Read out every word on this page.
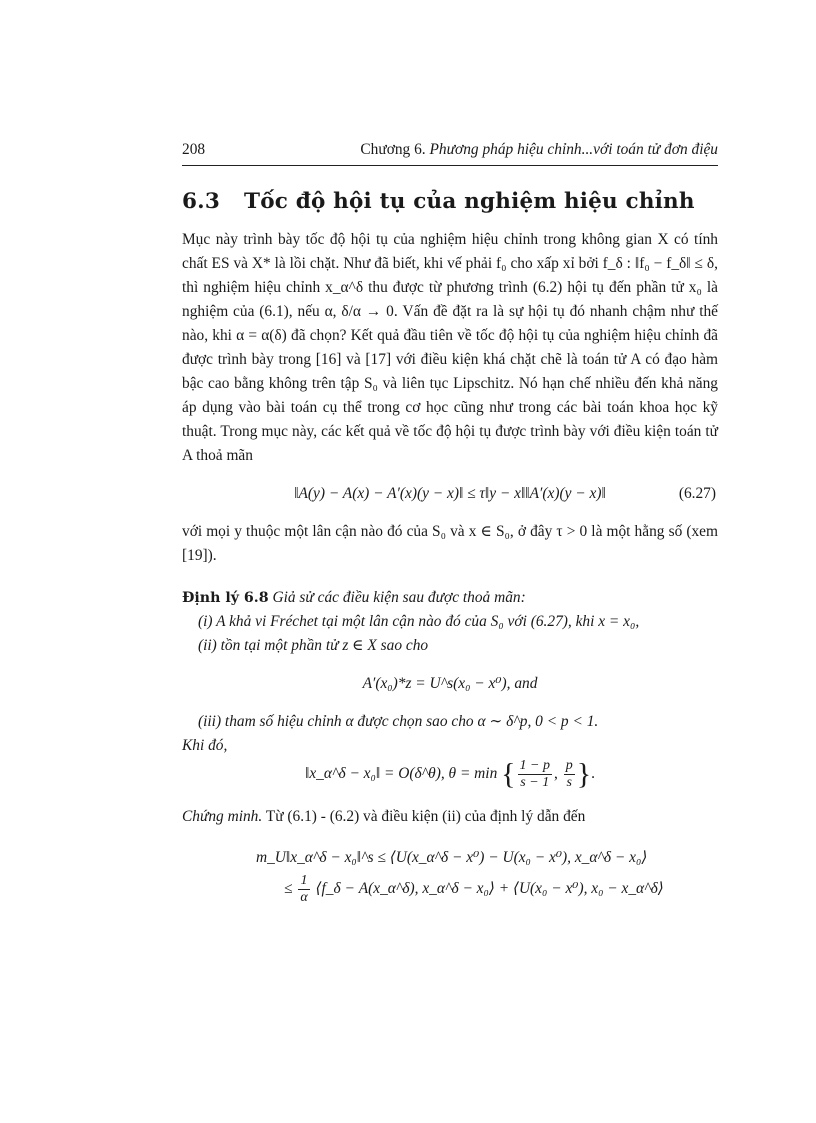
208	Chương 6. Phương pháp hiệu chỉnh...với toán tử đơn điệu
6.3 Tốc độ hội tụ của nghiệm hiệu chỉnh

Mục này trình bày tốc độ hội tụ của nghiệm hiệu chỉnh trong không gian X có tính chất ES và X* là lồi chặt. Như đã biết, khi vế phải f₀ cho xấp xỉ bởi f_δ : ‖f₀ − f_δ‖ ≤ δ, thì nghiệm hiệu chỉnh x_α^δ thu được từ phương trình (6.2) hội tụ đến phần tử x₀ là nghiệm của (6.1), nếu α, δ/α → 0. Vấn đề đặt ra là sự hội tụ đó nhanh chậm như thế nào, khi α = α(δ) đã chọn? Kết quả đầu tiên về tốc độ hội tụ của nghiệm hiệu chỉnh đã được trình bày trong [16] và [17] với điều kiện khá chặt chẽ là toán tử A có đạo hàm bậc cao bằng không trên tập S₀ và liên tục Lipschitz. Nó hạn chế nhiều đến khả năng áp dụng vào bài toán cụ thể trong cơ học cũng như trong các bài toán khoa học kỹ thuật. Trong mục này, các kết quả về tốc độ hội tụ được trình bày với điều kiện toán tử A thoả mãn

‖A(y) − A(x) − A′(x)(y − x)‖ ≤ τ‖y − x‖‖A′(x)(y − x)‖	(6.27)

với mọi y thuộc một lân cận nào đó của S₀ và x ∈ S₀, ở đây τ > 0 là một hằng số (xem [19]).

Định lý 6.8 Giả sử các điều kiện sau được thoả mãn:
(i) A khả vi Fréchet tại một lân cận nào đó của S₀ với (6.27), khi x = x₀,
(ii) tồn tại một phần tử z ∈ X sao cho
A′(x₀)*z = U^s(x₀ − x⁰), and
(iii) tham số hiệu chỉnh α được chọn sao cho α ∼ δ^p, 0 < p < 1.
Khi đó,
‖x_α^δ − x₀‖ = O(δ^θ), θ = min { $\frac{1 - p}{s - 1}$ , $\frac{p}{s}$ }.

Chứng minh. Từ (6.1) - (6.2) và điều kiện (ii) của định lý dẫn đến

m_U‖x_α^δ − x₀‖^s ≤ ⟨U(x_α^δ − x⁰) − U(x₀ − x⁰), x_α^δ − x₀⟩
≤ $\frac{1}{\alpha}$ ⟨f_δ − A(x_α^δ), x_α^δ − x₀⟩ + ⟨U(x₀ − x⁰), x₀ − x_α^δ⟩
